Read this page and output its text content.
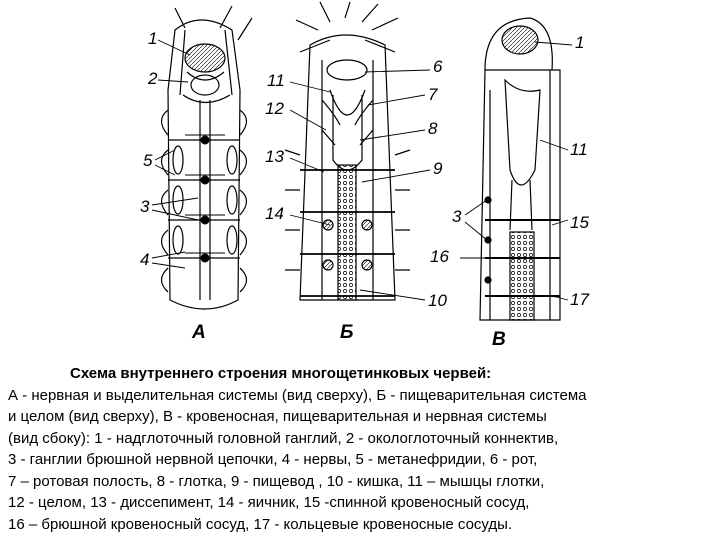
1
2
5
3
4
6
7
11
12
8
13
9
14
10
1
11
3	15
16
17
А	Б	В
Схема внутреннего строения многощетинковых червей:
А - нервная и выделительная системы (вид сверху), Б - пищеварительная система
и целом (вид сверху), В - кровеносная, пищеварительная и нервная системы
(вид сбоку): 1 - надглоточный головной ганглий, 2 - окологлоточный коннектив,
3 - ганглии брюшной нервной цепочки, 4 - нервы, 5 - метанефридии, 6 - рот,
7 – ротовая полость, 8 - глотка, 9 - пищевод , 10 - кишка, 11 – мышцы глотки,
12 - целом, 13 - диссепимент, 14 - яичник, 15 -спинной кровеносный сосуд,
16 – брюшной кровеносный сосуд, 17 - кольцевые кровеносные сосуды.
